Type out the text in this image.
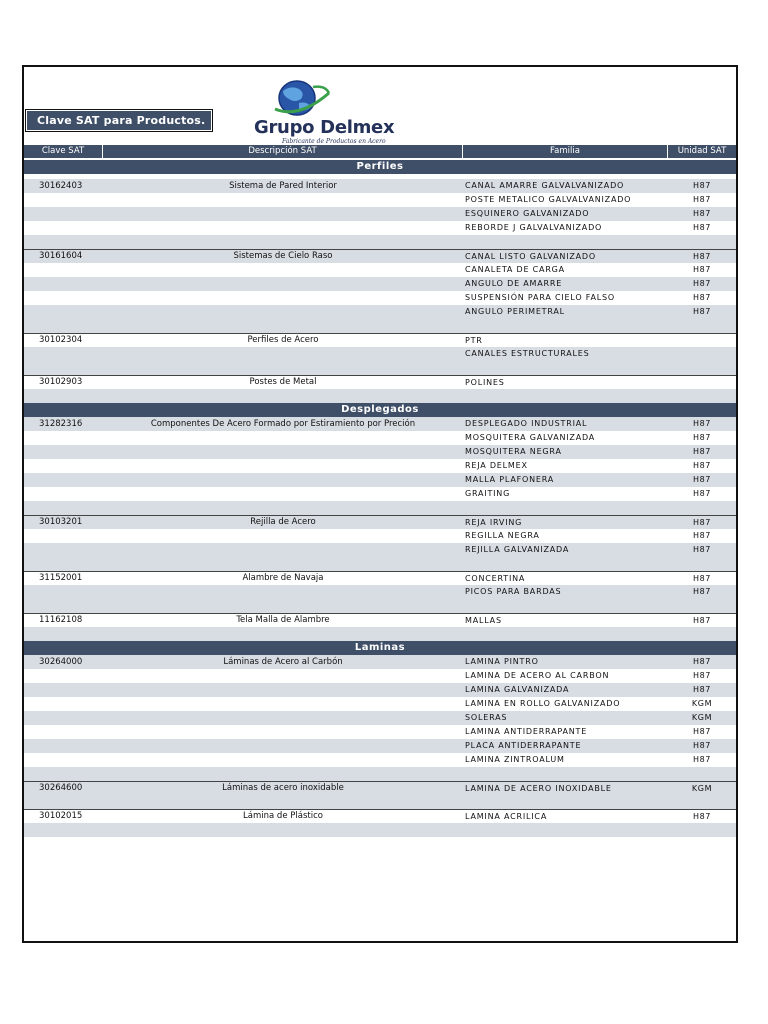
Clave SAT para Productos.	Grupo Delmex
Fabricante de Productos en Acero
Clave SAT	Descripción SAT	Familia	Unidad SAT
Perfiles
30162403	Sistema de Pared Interior	CANAL AMARRE GALVALVANIZADO	H87
POSTE METALICO GALVALVANIZADO	H87
ESQUINERO GALVANIZADO	H87
REBORDE J GALVALVANIZADO	H87
30161604	Sistemas de Cielo Raso	CANAL LISTO GALVANIZADO	H87
CANALETA DE CARGA	H87
ANGULO DE AMARRE	H87
SUSPENSIÓN PARA CIELO FALSO	H87
ANGULO PERIMETRAL	H87
30102304	Perfiles de Acero	PTR
CANALES ESTRUCTURALES
30102903	Postes de Metal	POLINES
Desplegados
31282316	Componentes De Acero Formado por Estiramiento por Preción	DESPLEGADO INDUSTRIAL	H87
MOSQUITERA GALVANIZADA	H87
MOSQUITERA NEGRA	H87
REJA DELMEX	H87
MALLA PLAFONERA	H87
GRAITING	H87
30103201	Rejilla de Acero	REJA IRVING	H87
REGILLA NEGRA	H87
REJILLA GALVANIZADA	H87
31152001	Alambre de Navaja	CONCERTINA	H87
PICOS PARA BARDAS	H87
11162108	Tela Malla de Alambre	MALLAS	H87
Laminas
30264000	Láminas de Acero al Carbón	LAMINA PINTRO	H87
LAMINA DE ACERO AL CARBON	H87
LAMINA GALVANIZADA	H87
LAMINA EN ROLLO GALVANIZADO	KGM
SOLERAS	KGM
LAMINA ANTIDERRAPANTE	H87
PLACA ANTIDERRAPANTE	H87
LAMINA ZINTROALUM	H87
30264600	Láminas de acero inoxidable	LAMINA DE ACERO INOXIDABLE	KGM
30102015	Lámina de Plástico	LAMINA ACRILICA	H87
